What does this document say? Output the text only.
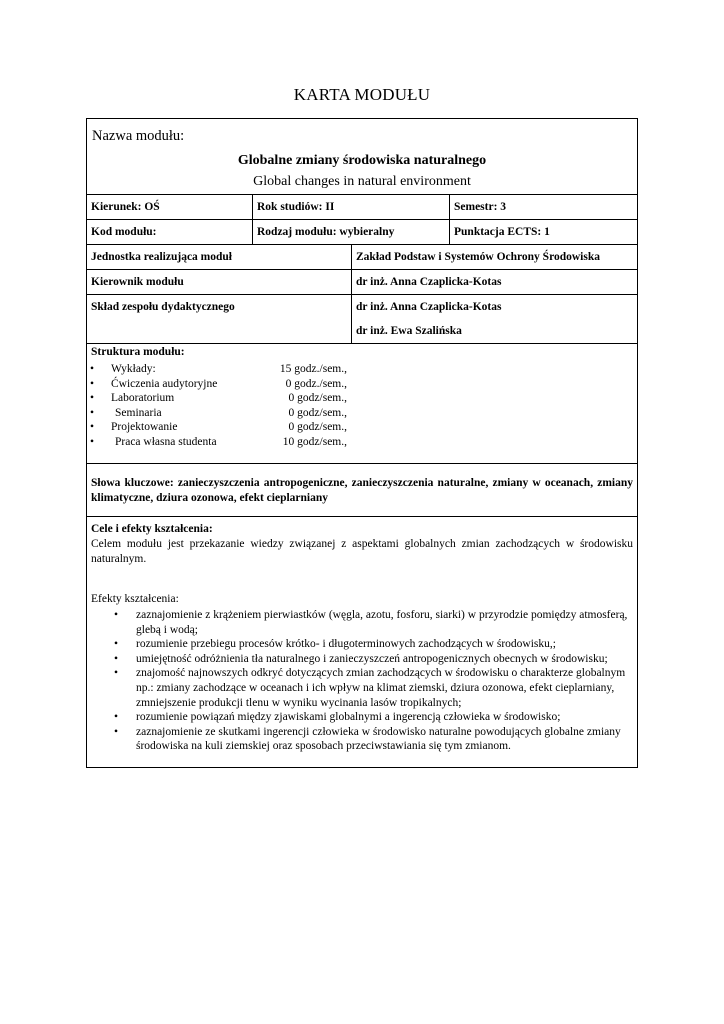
KARTA MODUŁU
Nazwa modułu:
Globalne zmiany środowiska naturalnego
Global changes in natural environment
Kierunek: OŚ	Rok studiów: II	Semestr: 3
Kod modułu:	Rodzaj modułu: wybieralny	Punktacja ECTS: 1
Jednostka realizująca moduł	Zakład Podstaw i Systemów Ochrony Środowiska
Kierownik modułu	dr inż. Anna Czaplicka-Kotas
Skład zespołu dydaktycznego	dr inż. Anna Czaplicka-Kotas
dr inż. Ewa Szalińska
Struktura modułu:
• Wykłady:	15 godz./sem.,
• Ćwiczenia audytoryjne	0 godz./sem.,
• Laboratorium	0 godz/sem.,
• Seminaria	0 godz/sem.,
• Projektowanie	0 godz/sem.,
• Praca własna studenta	10 godz/sem.,
Słowa kluczowe: zanieczyszczenia antropogeniczne, zanieczyszczenia naturalne, zmiany w oceanach, zmiany klimatyczne, dziura ozonowa, efekt cieplarniany
Cele i efekty kształcenia:
Celem modułu jest przekazanie wiedzy związanej z aspektami globalnych zmian zachodzących w środowisku naturalnym.
Efekty kształcenia:
• zaznajomienie z krążeniem pierwiastków (węgla, azotu, fosforu, siarki) w przyrodzie pomiędzy atmosferą, glebą i wodą;
• rozumienie przebiegu procesów krótko- i długoterminowych zachodzących w środowisku,;
• umiejętność odróżnienia tła naturalnego i zanieczyszczeń antropogenicznych obecnych w środowisku;
• znajomość najnowszych odkryć dotyczących zmian zachodzących w środowisku o charakterze globalnym np.: zmiany zachodzące w oceanach i ich wpływ na klimat ziemski, dziura ozonowa, efekt cieplarniany, zmniejszenie produkcji tlenu w wyniku wycinania lasów tropikalnych;
• rozumienie powiązań między zjawiskami globalnymi a ingerencją człowieka w środowisko;
• zaznajomienie ze skutkami ingerencji człowieka w środowisko naturalne powodujących globalne zmiany środowiska na kuli ziemskiej oraz sposobach przeciwstawiania się tym zmianom.
